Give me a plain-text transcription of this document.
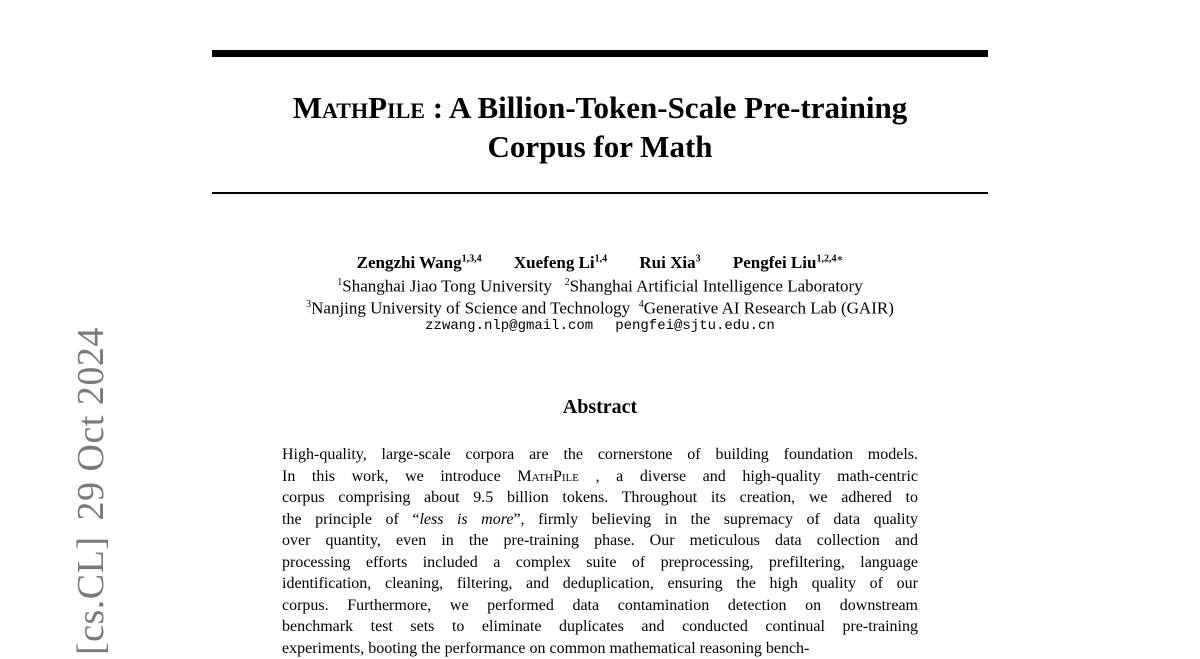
MathPile : A Billion-Token-Scale Pre-training
Corpus for Math
Zengzhi Wang$^{1,3,4}$ Xuefeng Li$^{1,4}$ Rui Xia$^3$ Pengfei Liu$^{1,2,4∗}$
$^1$Shanghai Jiao Tong University $^2$Shanghai Artificial Intelligence Laboratory
$^3$Nanjing University of Science and Technology $^4$Generative AI Research Lab (GAIR)
zzwang.nlp@gmail.com pengfei@sjtu.edu.cn
Abstract
High-quality, large-scale corpora are the cornerstone of building foundation models.
In this work, we introduce MathPile , a diverse and high-quality math-centric
corpus comprising about 9.5 billion tokens. Throughout its creation, we adhered to
the principle of “less is more”, firmly believing in the supremacy of data quality
over quantity, even in the pre-training phase. Our meticulous data collection and
processing efforts included a complex suite of preprocessing, prefiltering, language
identification, cleaning, filtering, and deduplication, ensuring the high quality of our
corpus. Furthermore, we performed data contamination detection on downstream
benchmark test sets to eliminate duplicates and conducted continual pre-training
experiments, booting the performance on common mathematical reasoning bench-
[cs.CL]29 Oct 2024
